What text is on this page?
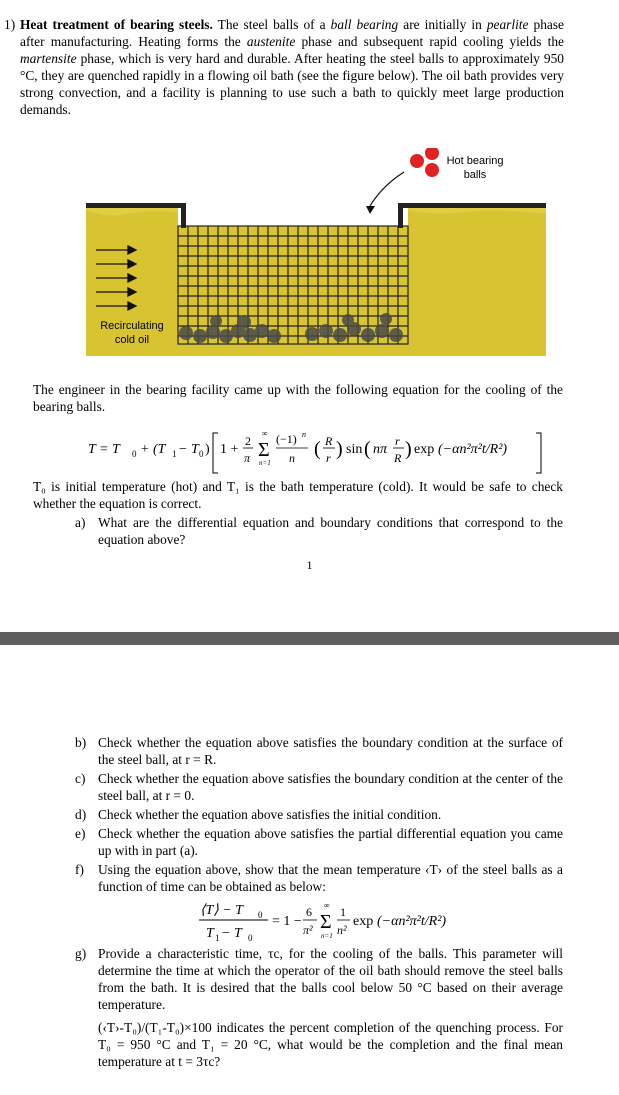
1) Heat treatment of bearing steels. The steel balls of a ball bearing are initially in pearlite phase after manufacturing. Heating forms the austenite phase and subsequent rapid cooling yields the martensite phase, which is very hard and durable. After heating the steel balls to approximately 950 °C, they are quenched rapidly in a flowing oil bath (see the figure below). The oil bath provides very strong convection, and a facility is planning to use such a bath to quickly meet large production demands.
Hot bearing
balls
Recirculating
cold oil
The engineer in the bearing facility came up with the following equation for the cooling of the bearing balls.
T = T 0 + (T 1 − T 0 ) 1 +
2
π Σ
∞
n=1
(−1) n
n ( R
r ) sin ( nπ
r
R ) exp (−αn²π²t/R²)
T₀ is initial temperature (hot) and T₁ is the bath temperature (cold). It would be safe to check whether the equation is correct.
a) What are the differential equation and boundary conditions that correspond to the equation above?
1
b) Check whether the equation above satisfies the boundary condition at the surface of the steel ball, at r = R.
c) Check whether the equation above satisfies the boundary condition at the center of the steel ball, at r = 0.
d) Check whether the equation above satisfies the initial condition.
e) Check whether the equation above satisfies the partial differential equation you came up with in part (a).
f) Using the equation above, show that the mean temperature ‹T› of the steel balls as a function of time can be obtained as below:
⟨T⟩ − T 0
T 1 − T 0
= 1 −
6
π² Σ
∞
n=1
1
n²
exp (−αn²π²t/R²)
g) Provide a characteristic time, τc, for the cooling of the balls. This parameter will determine the time at which the operator of the oil bath should remove the steel balls from the bath. It is desired that the balls cool below 50 °C based on their average temperature.
(‹T›-T₀)/(T₁-T₀)×100 indicates the percent completion of the quenching process. For T₀ = 950 °C and T₁ = 20 °C, what would be the completion and the final mean temperature at t = 3τc?
